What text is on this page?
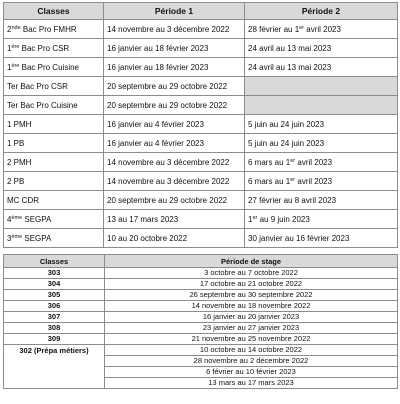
Classes	Période 1	Période 2
2nde Bac Pro FMHR	14 novembre au 3 décembre 2022	28 février au 1er avril 2023
1ère Bac Pro CSR	16 janvier au 18 février 2023	24 avril au 13 mai 2023
1ère Bac Pro Cuisine	16 janvier au 18 février 2023	24 avril au 13 mai 2023
Ter Bac Pro CSR	20 septembre au 29 octobre 2022	
Ter Bac Pro Cuisine	20 septembre au 29 octobre 2022	
1 PMH	16 janvier au 4 février 2023	5 juin au 24 juin 2023
1 PB	16 janvier au 4 février 2023	5 juin au 24 juin 2023
2 PMH	14 novembre au 3 décembre 2022	6 mars au 1er avril 2023
2 PB	14 novembre au 3 décembre 2022	6 mars au 1er avril 2023
MC CDR	20 septembre au 29 octobre 2022	27 février au 8 avril 2023
4ème SEGPA	13 au 17 mars 2023	1er au 9 juin 2023
3ème SEGPA	10 au 20 octobre 2022	30 janvier au 16 février 2023
Classes	Période de stage
303	3 octobre au 7 octobre 2022
304	17 octobre au 21 octobre 2022
305	26 septembre au 30 septembre 2022
306	14 novembre au 18 novembre 2022
307	16 janvier au 20 janvier 2023
308	23 janvier au 27 janvier 2023
309	21 novembre au 25 novembre 2022
302 (Prépa métiers)	10 octobre au 14 octobre 2022
	28 novembre au 2 décembre 2022
	6 février au 10 février 2023
	13 mars au 17 mars 2023
